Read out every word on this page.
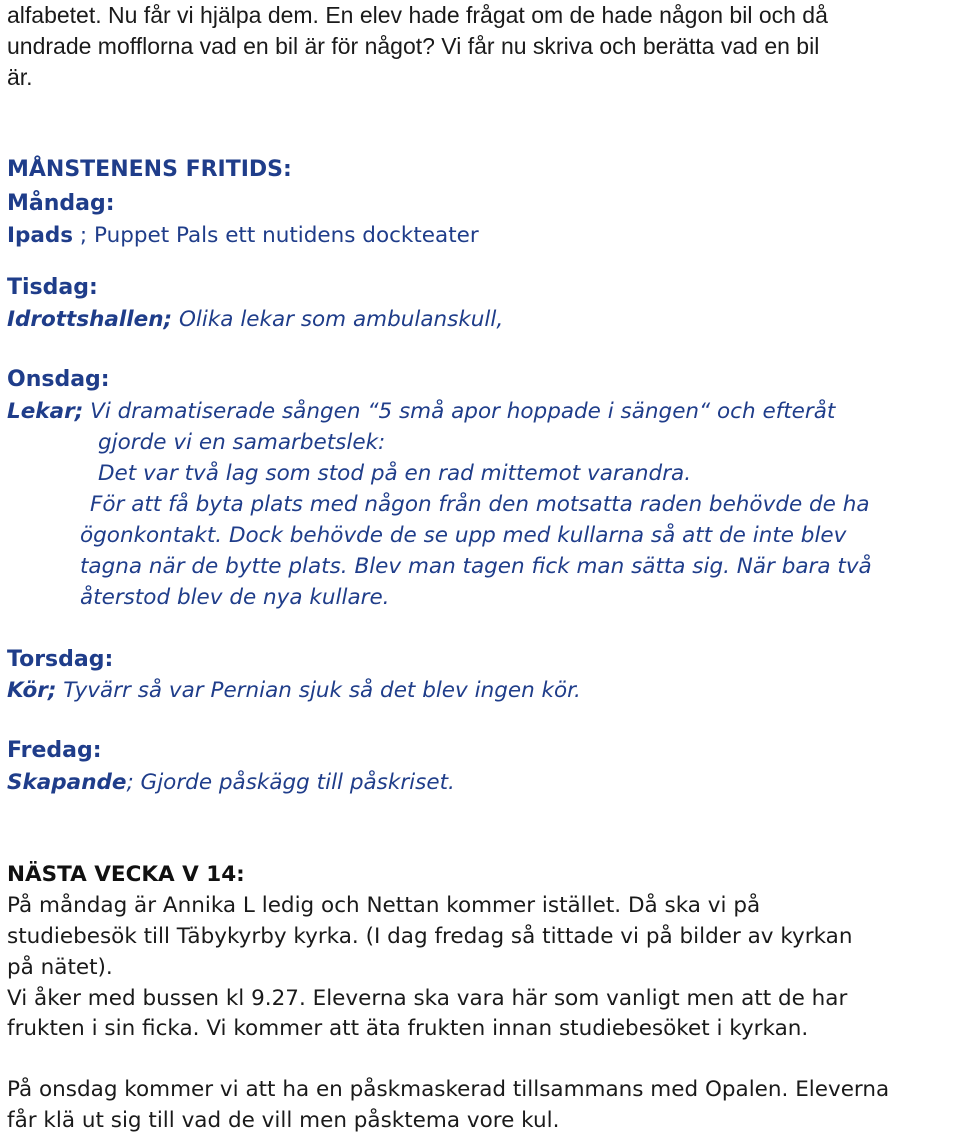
alfabetet. Nu får vi hjälpa dem. En elev hade frågat om de hade någon bil och då
undrade mofflorna vad en bil är för något? Vi får nu skriva och berätta vad en bil
är.
MÅNSTENENS FRITIDS:
Måndag:
Ipads ; Puppet Pals ett nutidens dockteater
Tisdag:
Idrottshallen; Olika lekar som ambulanskull,
Onsdag:
Lekar; Vi dramatiserade sången “5 små apor hoppade i sängen“ och efteråt
gjorde vi en samarbetslek:
Det var två lag som stod på en rad mittemot varandra.
För att få byta plats med någon från den motsatta raden behövde de ha
ögonkontakt. Dock behövde de se upp med kullarna så att de inte blev
tagna när de bytte plats. Blev man tagen fick man sätta sig. När bara två
återstod blev de nya kullare.
Torsdag:
Kör; Tyvärr så var Pernian sjuk så det blev ingen kör.
Fredag:
Skapande; Gjorde påskägg till påskriset.
NÄSTA VECKA V 14:
På måndag är Annika L ledig och Nettan kommer istället. Då ska vi på
studiebesök till Täbykyrby kyrka. (I dag fredag så tittade vi på bilder av kyrkan
på nätet).
Vi åker med bussen kl 9.27. Eleverna ska vara här som vanligt men att de har
frukten i sin ficka. Vi kommer att äta frukten innan studiebesöket i kyrkan.
På onsdag kommer vi att ha en påskmaskerad tillsammans med Opalen. Eleverna
får klä ut sig till vad de vill men påsktema vore kul.
